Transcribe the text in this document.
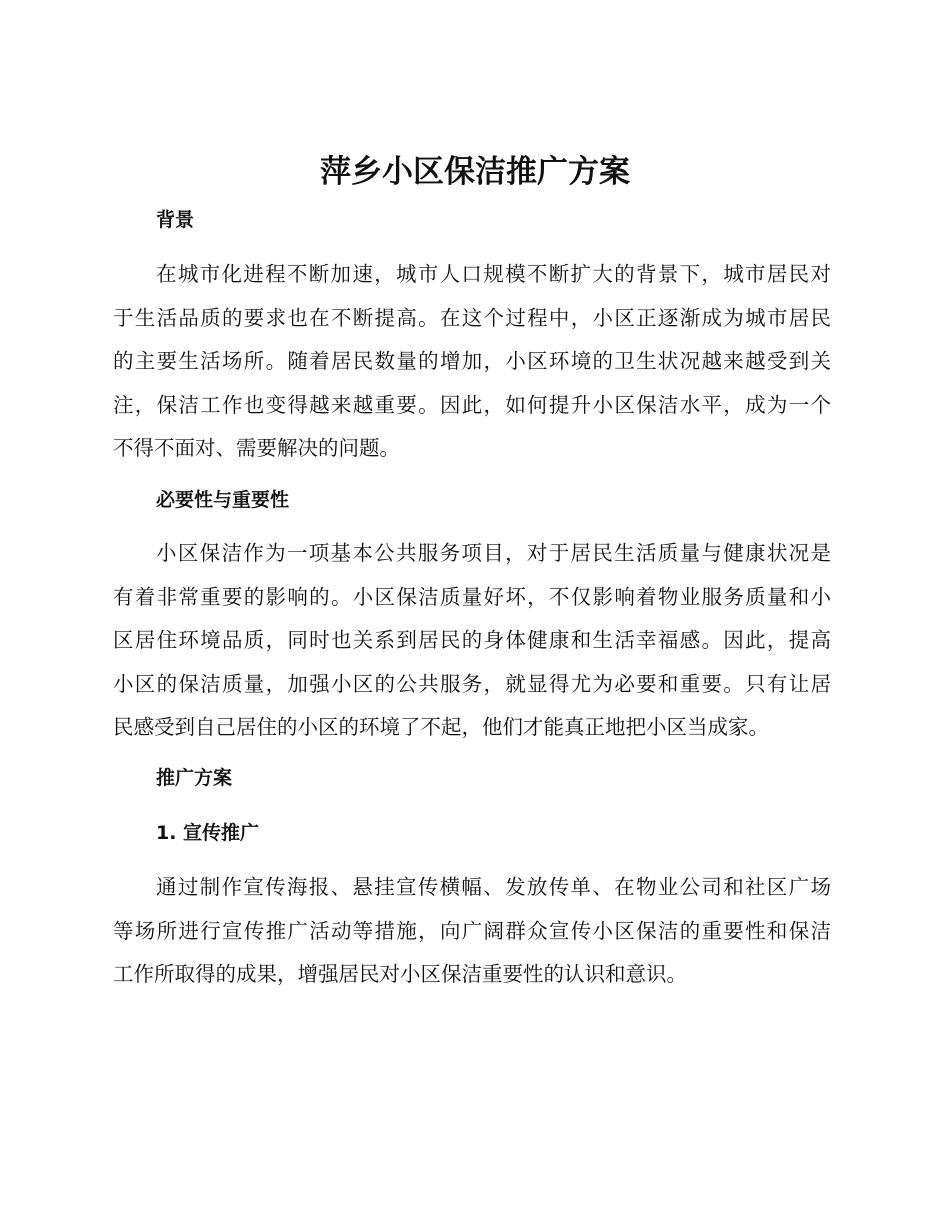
萍乡小区保洁推广方案
背景
在城市化进程不断加速，城市人口规模不断扩大的背景下，城市居民对
于生活品质的要求也在不断提高。在这个过程中，小区正逐渐成为城市居民
的主要生活场所。随着居民数量的增加，小区环境的卫生状况越来越受到关
注，保洁工作也变得越来越重要。因此，如何提升小区保洁水平，成为一个
不得不面对、需要解决的问题。
必要性与重要性
小区保洁作为一项基本公共服务项目，对于居民生活质量与健康状况是
有着非常重要的影响的。小区保洁质量好坏，不仅影响着物业服务质量和小
区居住环境品质，同时也关系到居民的身体健康和生活幸福感。因此，提高
小区的保洁质量，加强小区的公共服务，就显得尤为必要和重要。只有让居
民感受到自己居住的小区的环境了不起，他们才能真正地把小区当成家。
推广方案
1. 宣传推广
通过制作宣传海报、悬挂宣传横幅、发放传单、在物业公司和社区广场
等场所进行宣传推广活动等措施，向广阔群众宣传小区保洁的重要性和保洁
工作所取得的成果，增强居民对小区保洁重要性的认识和意识。
